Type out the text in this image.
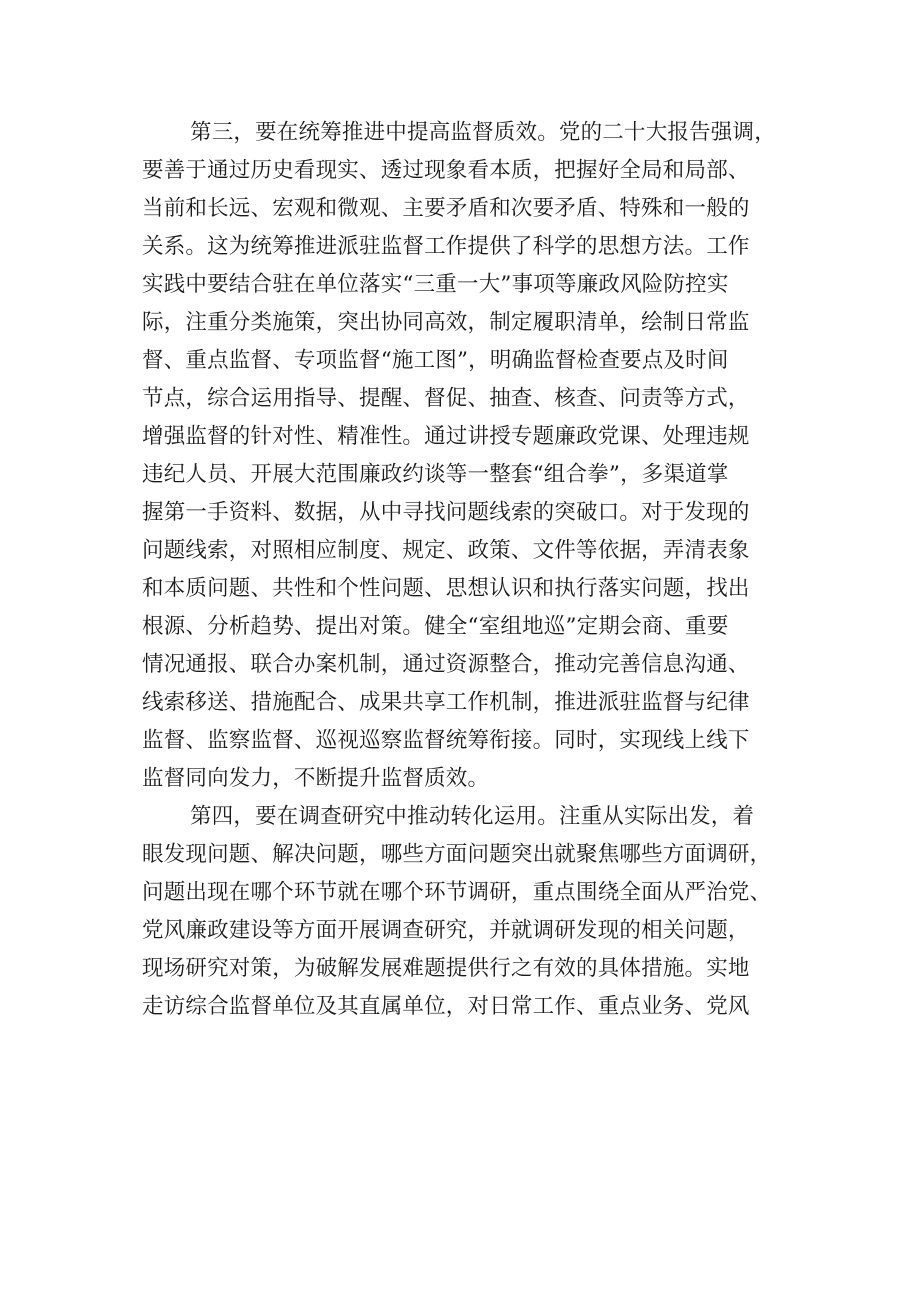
第三，要在统筹推进中提高监督质效。党的二十大报告强调，
要善于通过历史看现实、透过现象看本质，把握好全局和局部、
当前和长远、宏观和微观、主要矛盾和次要矛盾、特殊和一般的
关系。这为统筹推进派驻监督工作提供了科学的思想方法。工作
实践中要结合驻在单位落实“三重一大”事项等廉政风险防控实
际，注重分类施策，突出协同高效，制定履职清单，绘制日常监
督、重点监督、专项监督“施工图”，明确监督检查要点及时间
节点，综合运用指导、提醒、督促、抽查、核查、问责等方式，
增强监督的针对性、精准性。通过讲授专题廉政党课、处理违规
违纪人员、开展大范围廉政约谈等一整套“组合拳”，多渠道掌
握第一手资料、数据，从中寻找问题线索的突破口。对于发现的
问题线索，对照相应制度、规定、政策、文件等依据，弄清表象
和本质问题、共性和个性问题、思想认识和执行落实问题，找出
根源、分析趋势、提出对策。健全“室组地巡”定期会商、重要
情况通报、联合办案机制，通过资源整合，推动完善信息沟通、
线索移送、措施配合、成果共享工作机制，推进派驻监督与纪律
监督、监察监督、巡视巡察监督统筹衔接。同时，实现线上线下
监督同向发力，不断提升监督质效。
第四，要在调查研究中推动转化运用。注重从实际出发，着
眼发现问题、解决问题，哪些方面问题突出就聚焦哪些方面调研，
问题出现在哪个环节就在哪个环节调研，重点围绕全面从严治党、
党风廉政建设等方面开展调查研究，并就调研发现的相关问题，
现场研究对策，为破解发展难题提供行之有效的具体措施。实地
走访综合监督单位及其直属单位，对日常工作、重点业务、党风
